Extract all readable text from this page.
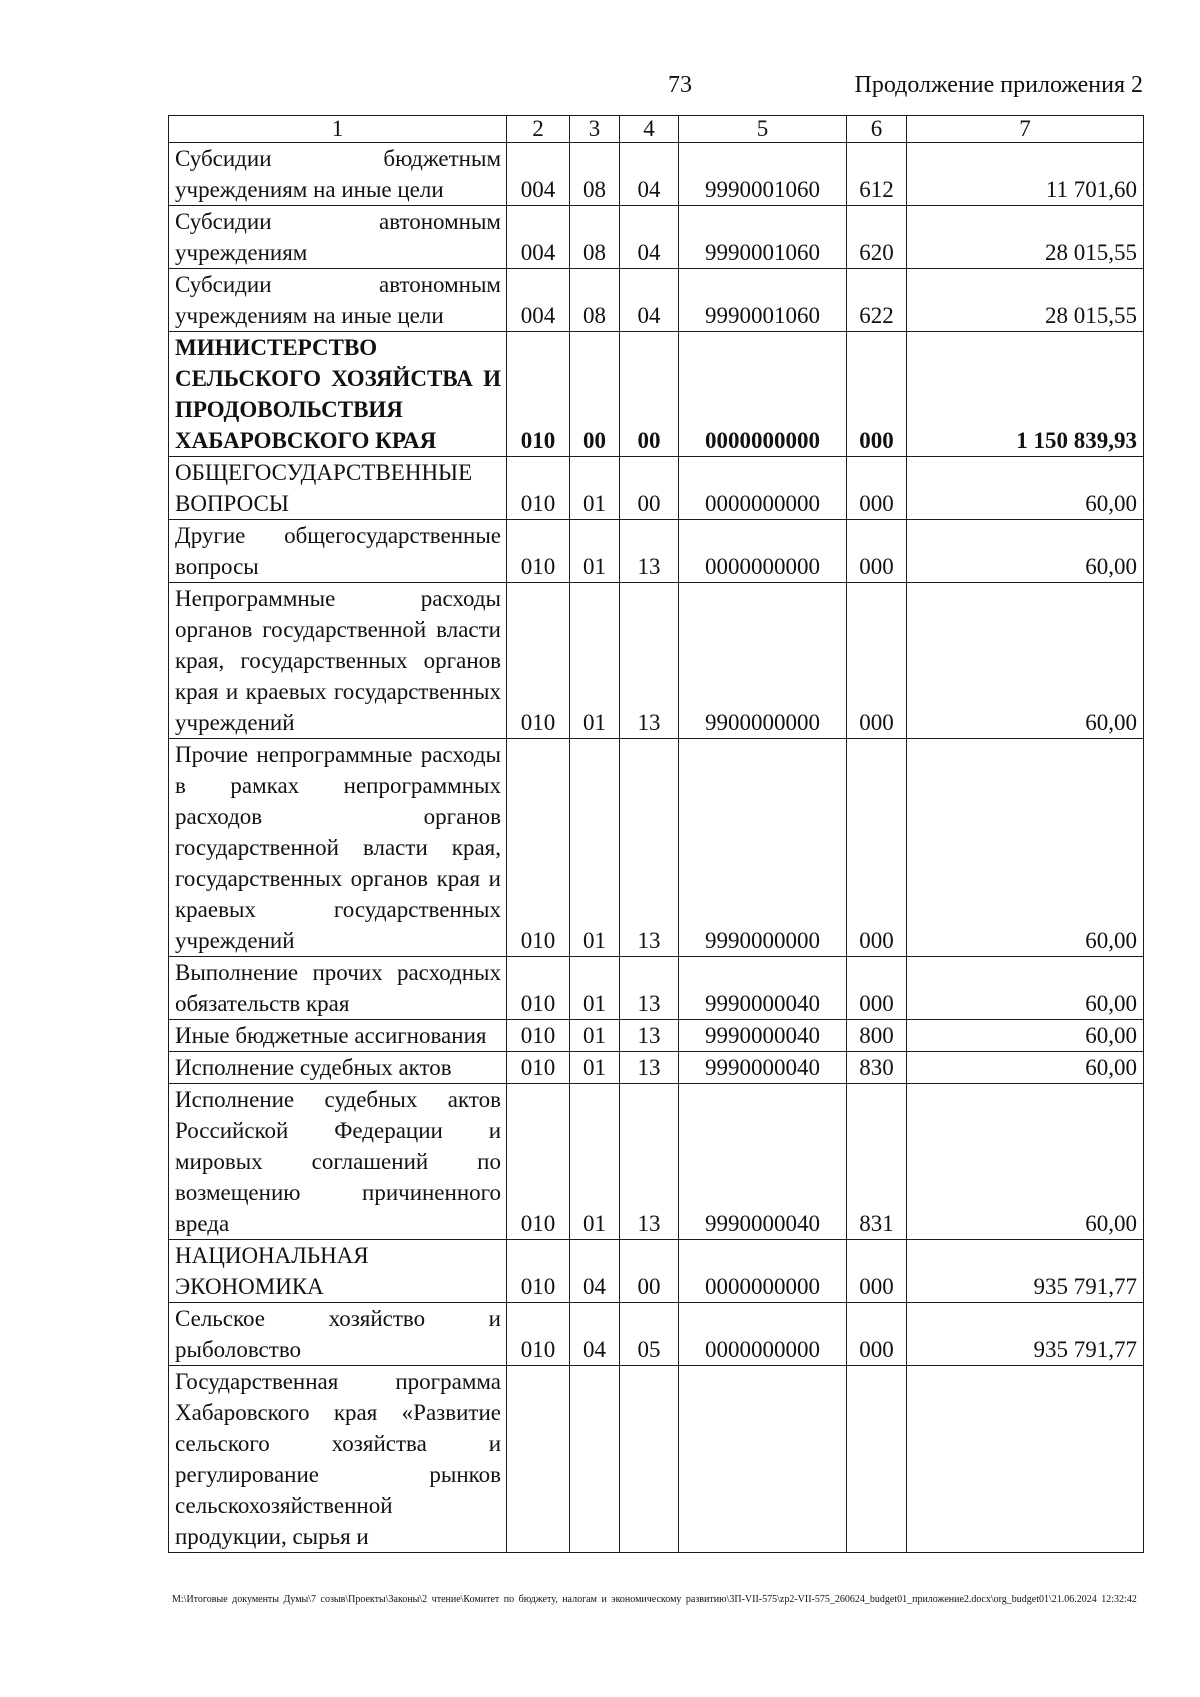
73	Продолжение приложения 2
1	2	3	4	5	6	7
Субсидии бюджетным учреждениям на иные цели	004	08	04	9990001060	612	11 701,60
Субсидии автономным учреждениям	004	08	04	9990001060	620	28 015,55
Субсидии автономным учреждениям на иные цели	004	08	04	9990001060	622	28 015,55
МИНИСТЕРСТВО СЕЛЬСКОГО ХОЗЯЙСТВА И ПРОДОВОЛЬСТВИЯ ХАБАРОВСКОГО КРАЯ	010	00	00	0000000000	000	1 150 839,93
ОБЩЕГОСУДАРСТВЕННЫЕ ВОПРОСЫ	010	01	00	0000000000	000	60,00
Другие общегосударственные вопросы	010	01	13	0000000000	000	60,00
Непрограммные расходы органов государственной власти края, государственных органов края и краевых государственных учреждений	010	01	13	9900000000	000	60,00
Прочие непрограммные расходы в рамках непрограммных расходов органов государственной власти края, государственных органов края и краевых государственных учреждений	010	01	13	9990000000	000	60,00
Выполнение прочих расходных обязательств края	010	01	13	9990000040	000	60,00
Иные бюджетные ассигнования	010	01	13	9990000040	800	60,00
Исполнение судебных актов	010	01	13	9990000040	830	60,00
Исполнение судебных актов Российской Федерации и мировых соглашений по возмещению причиненного вреда	010	01	13	9990000040	831	60,00
НАЦИОНАЛЬНАЯ ЭКОНОМИКА	010	04	00	0000000000	000	935 791,77
Сельское хозяйство и рыболовство	010	04	05	0000000000	000	935 791,77
Государственная программа Хабаровского края «Развитие сельского хозяйства и регулирование рынков сельскохозяйственной продукции, сырья и						
M:\Итоговые документы Думы\7 созыв\Проекты\Законы\2 чтение\Комитет по бюджету, налогам и экономическому развитию\3П-VII-575\zp2-VII-575_260624_budget01_приложение2.docx\org_budget01\21.06.2024 12:32:42
